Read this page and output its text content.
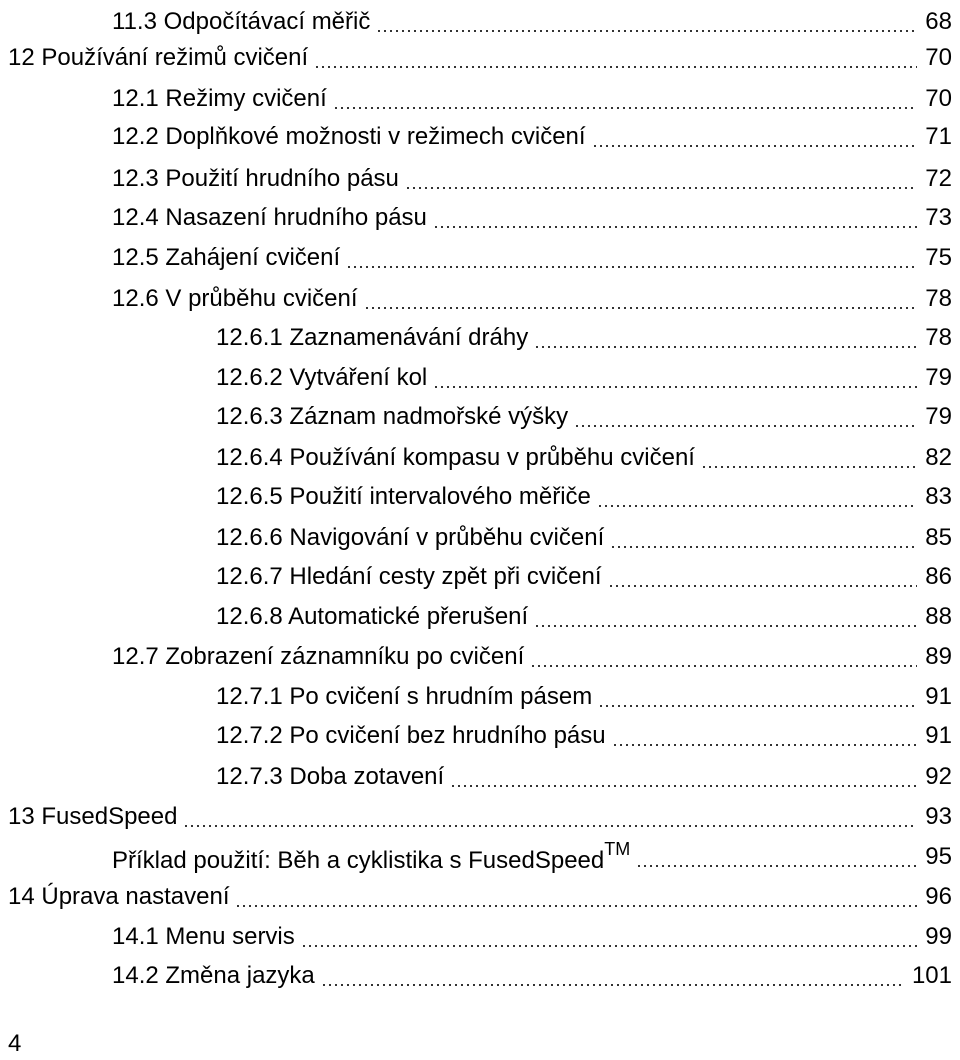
11.3 Odpočítávací měřič	68
12 Používání režimů cvičení	70
12.1 Režimy cvičení	70
12.2 Doplňkové možnosti v režimech cvičení	71
12.3 Použití hrudního pásu	72
12.4 Nasazení hrudního pásu	73
12.5 Zahájení cvičení	75
12.6 V průběhu cvičení	78
12.6.1 Zaznamenávání dráhy	78
12.6.2 Vytváření kol	79
12.6.3 Záznam nadmořské výšky	79
12.6.4 Používání kompasu v průběhu cvičení	82
12.6.5 Použití intervalového měřiče	83
12.6.6 Navigování v průběhu cvičení	85
12.6.7 Hledání cesty zpět při cvičení	86
12.6.8 Automatické přerušení	88
12.7 Zobrazení záznamníku po cvičení	89
12.7.1 Po cvičení s hrudním pásem	91
12.7.2 Po cvičení bez hrudního pásu	91
12.7.3 Doba zotavení	92
13 FusedSpeed	93
Příklad použití: Běh a cyklistika s FusedSpeed™	95
14 Úprava nastavení	96
14.1 Menu servis	99
14.2 Změna jazyka	101
4
